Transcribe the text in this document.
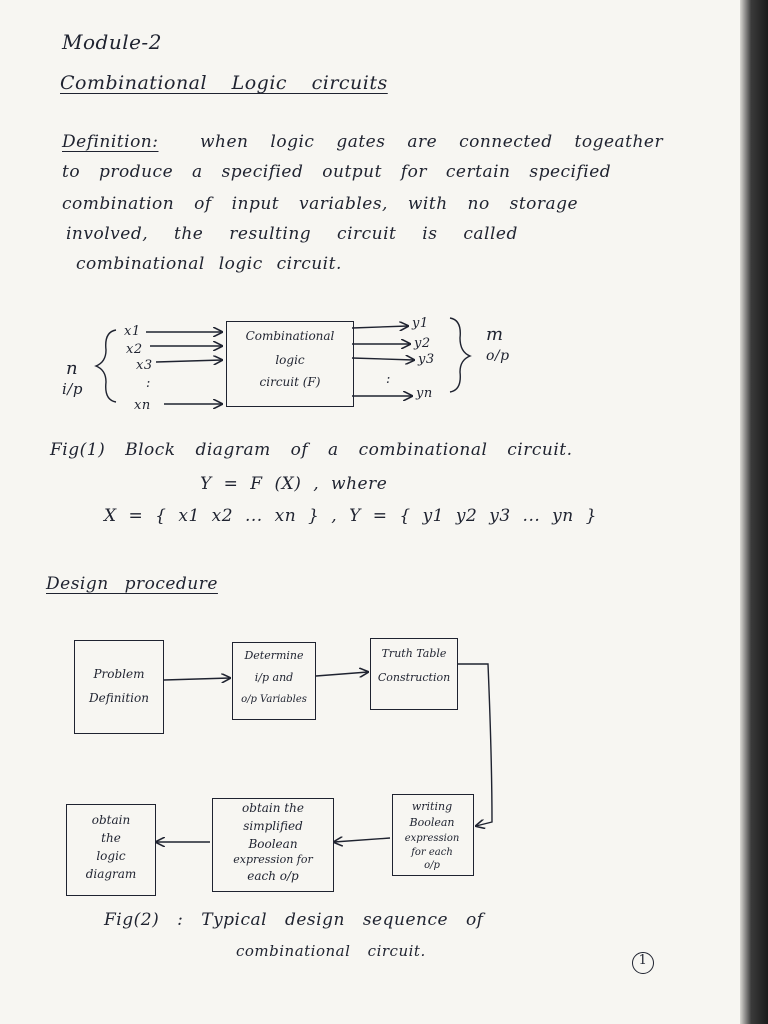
Module-2
Combinational Logic circuits
Definition: when logic gates are connected togeather
to produce a specified output for certain specified
combination of input variables, with no storage
involved, the resulting circuit is called
combinational logic circuit.
n
i/p
x1
x2
x3
:
xn
Combinational
logic
circuit (F)
y1
y2
y3
:
yn
m
o/p
Fig(1) Block diagram of a combinational circuit.
Y = F (X) , where
X = { x1 x2 ... xn } , Y = { y1 y2 y3 ... yn }
Design procedure
Problem
Definition
Determine
i/p and
o/p Variables
Truth Table
Construction
writing
Boolean
expression
for each
o/p
obtain the
simplified
Boolean
expression for
each o/p
obtain
the
logic
diagram
Fig(2) : Typical design sequence of
combinational circuit.
1
